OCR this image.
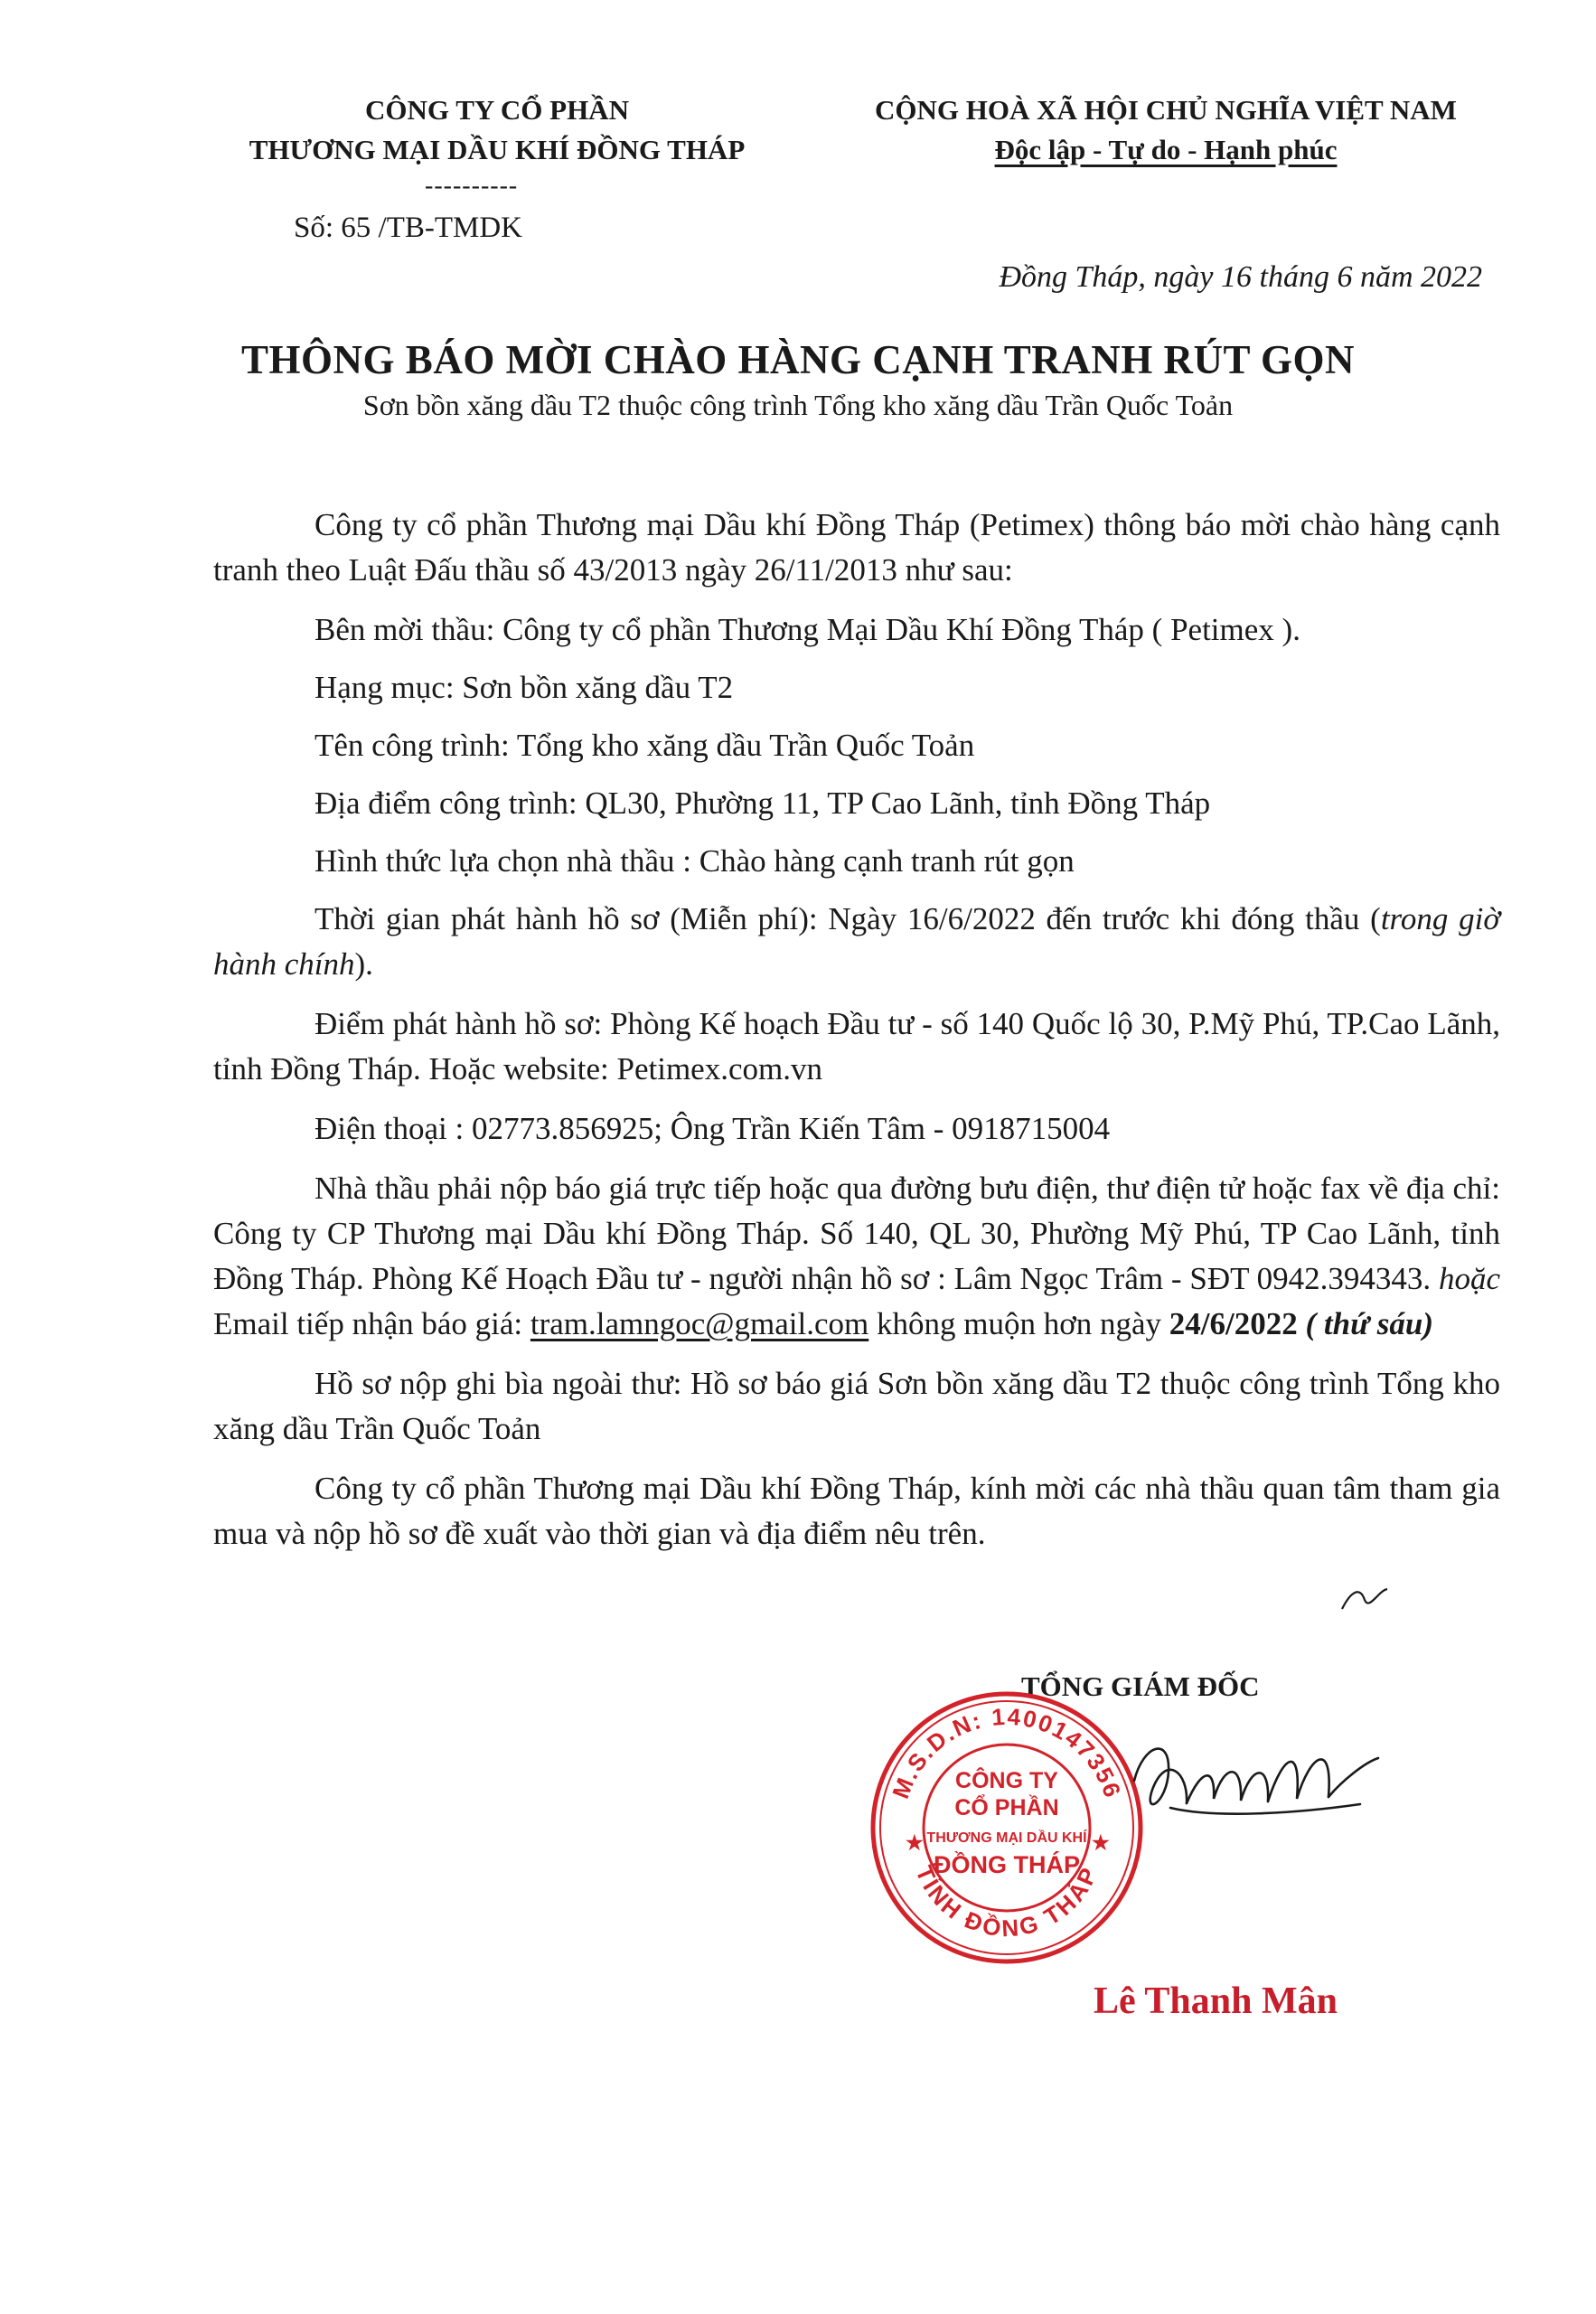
CÔNG TY CỔ PHẦN
THƯƠNG MẠI DẦU KHÍ ĐỒNG THÁP
----------
Số: 65 /TB-TMDK
CỘNG HOÀ XÃ HỘI CHỦ NGHĨA VIỆT NAM
Độc lập - Tự do - Hạnh phúc
Đồng Tháp, ngày 16 tháng 6 năm 2022
THÔNG BÁO MỜI CHÀO HÀNG CẠNH TRANH RÚT GỌN
Sơn bồn xăng dầu T2 thuộc công trình Tổng kho xăng dầu Trần Quốc Toản

Công ty cổ phần Thương mại Dầu khí Đồng Tháp (Petimex) thông báo mời chào hàng cạnh tranh theo Luật Đấu thầu số 43/2013 ngày 26/11/2013 như sau:

Bên mời thầu: Công ty cổ phần Thương Mại Dầu Khí Đồng Tháp ( Petimex ).

Hạng mục: Sơn bồn xăng dầu T2

Tên công trình: Tổng kho xăng dầu Trần Quốc Toản

Địa điểm công trình: QL30, Phường 11, TP Cao Lãnh, tỉnh Đồng Tháp

Hình thức lựa chọn nhà thầu : Chào hàng cạnh tranh rút gọn

Thời gian phát hành hồ sơ (Miễn phí): Ngày 16/6/2022 đến trước khi đóng thầu (trong giờ hành chính).

Điểm phát hành hồ sơ: Phòng Kế hoạch Đầu tư - số 140 Quốc lộ 30, P.Mỹ Phú, TP.Cao Lãnh, tỉnh Đồng Tháp. Hoặc website: Petimex.com.vn

Điện thoại : 02773.856925; Ông Trần Kiến Tâm - 0918715004

Nhà thầu phải nộp báo giá trực tiếp hoặc qua đường bưu điện, thư điện tử hoặc fax về địa chỉ: Công ty CP Thương mại Dầu khí Đồng Tháp. Số 140, QL 30, Phường Mỹ Phú, TP Cao Lãnh, tỉnh Đồng Tháp. Phòng Kế Hoạch Đầu tư - người nhận hồ sơ : Lâm Ngọc Trâm - SĐT 0942.394343. hoặc Email tiếp nhận báo giá: tram.lamngoc@gmail.com không muộn hơn ngày 24/6/2022 ( thứ sáu)

Hồ sơ nộp ghi bìa ngoài thư: Hồ sơ báo giá Sơn bồn xăng dầu T2 thuộc công trình Tổng kho xăng dầu Trần Quốc Toản

Công ty cổ phần Thương mại Dầu khí Đồng Tháp, kính mời các nhà thầu quan tâm tham gia mua và nộp hồ sơ đề xuất vào thời gian và địa điểm nêu trên.

TỔNG GIÁM ĐỐC
M.S.D.N: 1400147356
TỈNH ĐỒNG THÁP
CÔNG TY
CỔ PHẦN
THƯƠNG MẠI DẦU KHÍ
ĐỒNG THÁP
★	★
Lê Thanh Mân
